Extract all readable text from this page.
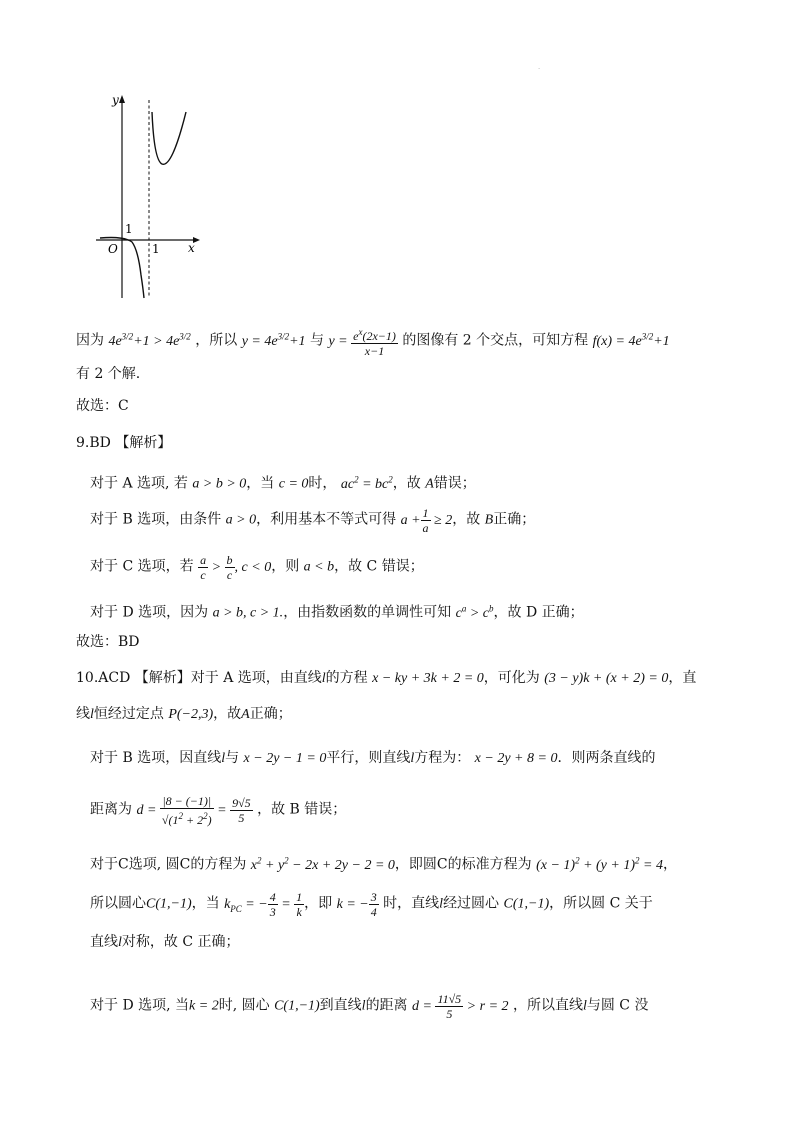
·
y
x
O
1
1
因为 $4e^{3/2}+1 > 4e^{3/2}$ ，所以 $y = 4e^{3/2}+1$ 与 $y = \frac{e^x(2x-1)}{x-1}$ 的图像有 2 个交点，可知方程 $f(x) = 4e^{3/2}+1$
有 2 个解.
故选：C
9.BD 【解析】
对于 A 选项, 若 a > b > 0，当 c = 0时， $ac^2 = bc^2$，故 A错误；
对于 B 选项，由条件 a > 0，利用基本不等式可得 $a + \frac{1}{a} \ge 2$，故 B正确；
对于 C 选项，若 $\frac{a}{c} > \frac{b}{c}$ , c < 0，则 a < b，故 C 错误；
对于 D 选项，因为 a > b, c > 1.，由指数函数的单调性可知 $c^a > c^b$，故 D 正确；
故选：BD
10.ACD 【解析】对于 A 选项，由直线l的方程 x − ky + 3k + 2 = 0，可化为 (3 − y)k + (x + 2) = 0，直
线l恒经过定点 P(−2,3)，故A正确；
对于 B 选项，因直线l与 x − 2y − 1 = 0平行，则直线l方程为： x − 2y + 8 = 0．则两条直线的
距离为 $d = \frac{|8 - (-1)|}{√(1^2 + 2^2)} = \frac{9√5}{5}$ ，故 B 错误；
对于C选项, 圆C的方程为 $x^2 + y^2 - 2x + 2y - 2 = 0$，即圆C的标准方程为 $(x - 1)^2 + (y + 1)^2 = 4$，
所以圆心C(1,−1)，当 $k_{PC}$ = − $\frac{4}{3} = \frac{1}{k}$ ，即 k = − $\frac{3}{4}$ 时，直线l经过圆心 C(1,−1)，所以圆 C 关于
直线l对称，故 C 正确；
对于 D 选项, 当k = 2时, 圆心 C(1,−1)到直线l的距离 $d = \frac{11√5}{5} > r = 2$ ，所以直线l与圆 C 没
